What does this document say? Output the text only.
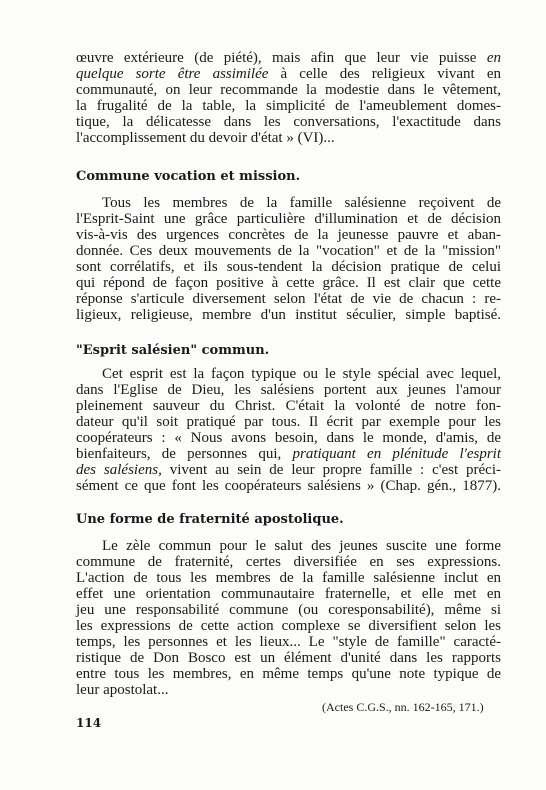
œuvre extérieure (de piété), mais afin que leur vie puisse en
quelque sorte être assimilée à celle des religieux vivant en
communauté, on leur recommande la modestie dans le vêtement,
la frugalité de la table, la simplicité de l'ameublement domes-
tique, la délicatesse dans les conversations, l'exactitude dans
l'accomplissement du devoir d'état » (VI)...
Commune vocation et mission.
Tous les membres de la famille salésienne reçoivent de
l'Esprit-Saint une grâce particulière d'illumination et de décision
vis-à-vis des urgences concrètes de la jeunesse pauvre et aban-
donnée. Ces deux mouvements de la "vocation" et de la "mission"
sont corrélatifs, et ils sous-tendent la décision pratique de celui
qui répond de façon positive à cette grâce. Il est clair que cette
réponse s'articule diversement selon l'état de vie de chacun : re-
ligieux, religieuse, membre d'un institut séculier, simple baptisé.
"Esprit salésien" commun.
Cet esprit est la façon typique ou le style spécial avec lequel,
dans l'Eglise de Dieu, les salésiens portent aux jeunes l'amour
pleinement sauveur du Christ. C'était la volonté de notre fon-
dateur qu'il soit pratiqué par tous. Il écrit par exemple pour les
coopérateurs : « Nous avons besoin, dans le monde, d'amis, de
bienfaiteurs, de personnes qui, pratiquant en plénitude l'esprit
des salésiens, vivent au sein de leur propre famille : c'est préci-
sément ce que font les coopérateurs salésiens » (Chap. gén., 1877).
Une forme de fraternité apostolique.
Le zèle commun pour le salut des jeunes suscite une forme
commune de fraternité, certes diversifiée en ses expressions.
L'action de tous les membres de la famille salésienne inclut en
effet une orientation communautaire fraternelle, et elle met en
jeu une responsabilité commune (ou coresponsabilité), même si
les expressions de cette action complexe se diversifient selon les
temps, les personnes et les lieux... Le "style de famille" caracté-
ristique de Don Bosco est un élément d'unité dans les rapports
entre tous les membres, en même temps qu'une note typique de
leur apostolat...
(Actes C.G.S., nn. 162-165, 171.)
114
